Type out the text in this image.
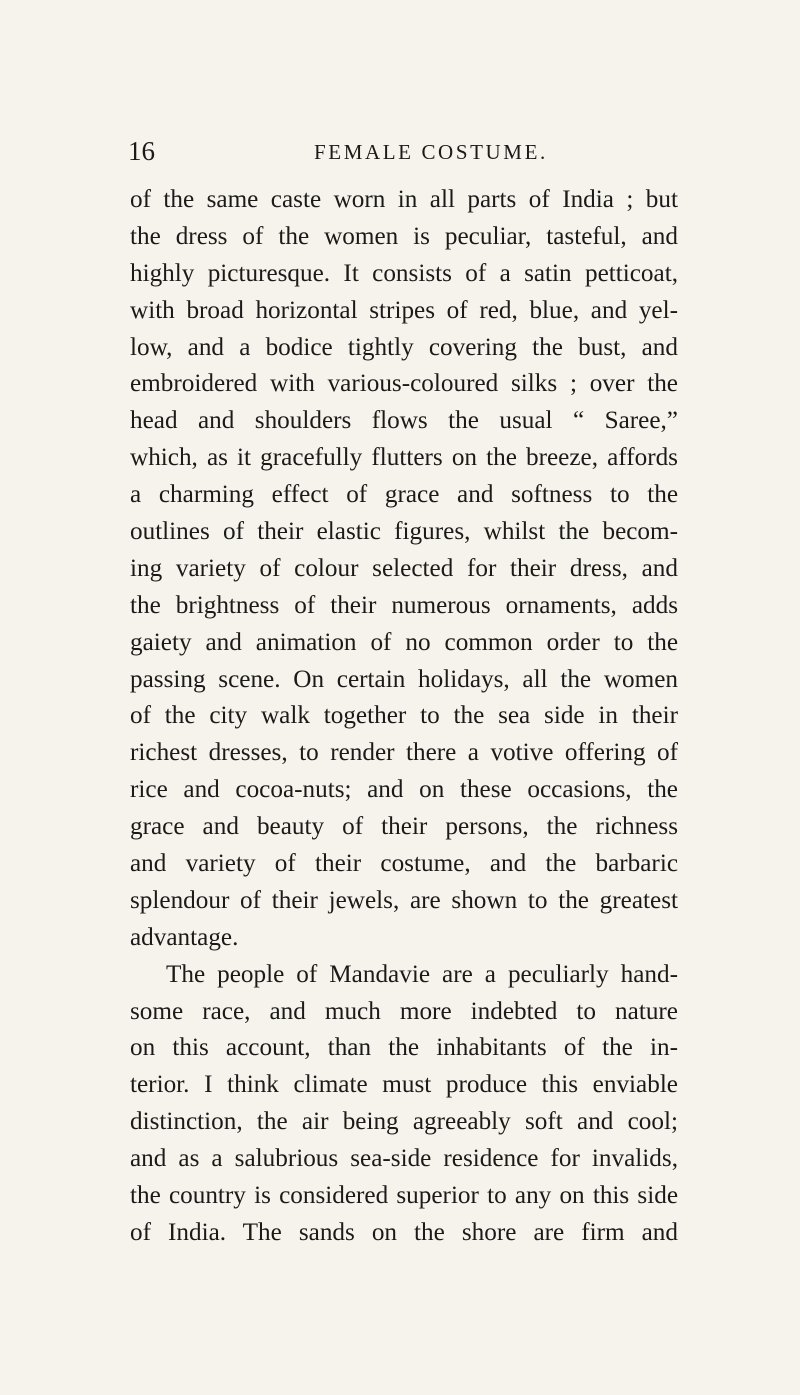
16	FEMALE COSTUME.
of the same caste worn in all parts of India ; but
the dress of the women is peculiar, tasteful, and
highly picturesque. It consists of a satin petticoat,
with broad horizontal stripes of red, blue, and yel-
low, and a bodice tightly covering the bust, and
embroidered with various-coloured silks ; over the
head and shoulders flows the usual “ Saree,”
which, as it gracefully flutters on the breeze, affords
a charming effect of grace and softness to the
outlines of their elastic figures, whilst the becom-
ing variety of colour selected for their dress, and
the brightness of their numerous ornaments, adds
gaiety and animation of no common order to the
passing scene. On certain holidays, all the women
of the city walk together to the sea side in their
richest dresses, to render there a votive offering of
rice and cocoa-nuts; and on these occasions, the
grace and beauty of their persons, the richness
and variety of their costume, and the barbaric
splendour of their jewels, are shown to the greatest
advantage.
The people of Mandavie are a peculiarly hand-
some race, and much more indebted to nature
on this account, than the inhabitants of the in-
terior. I think climate must produce this enviable
distinction, the air being agreeably soft and cool;
and as a salubrious sea-side residence for invalids,
the country is considered superior to any on this side
of India. The sands on the shore are firm and
